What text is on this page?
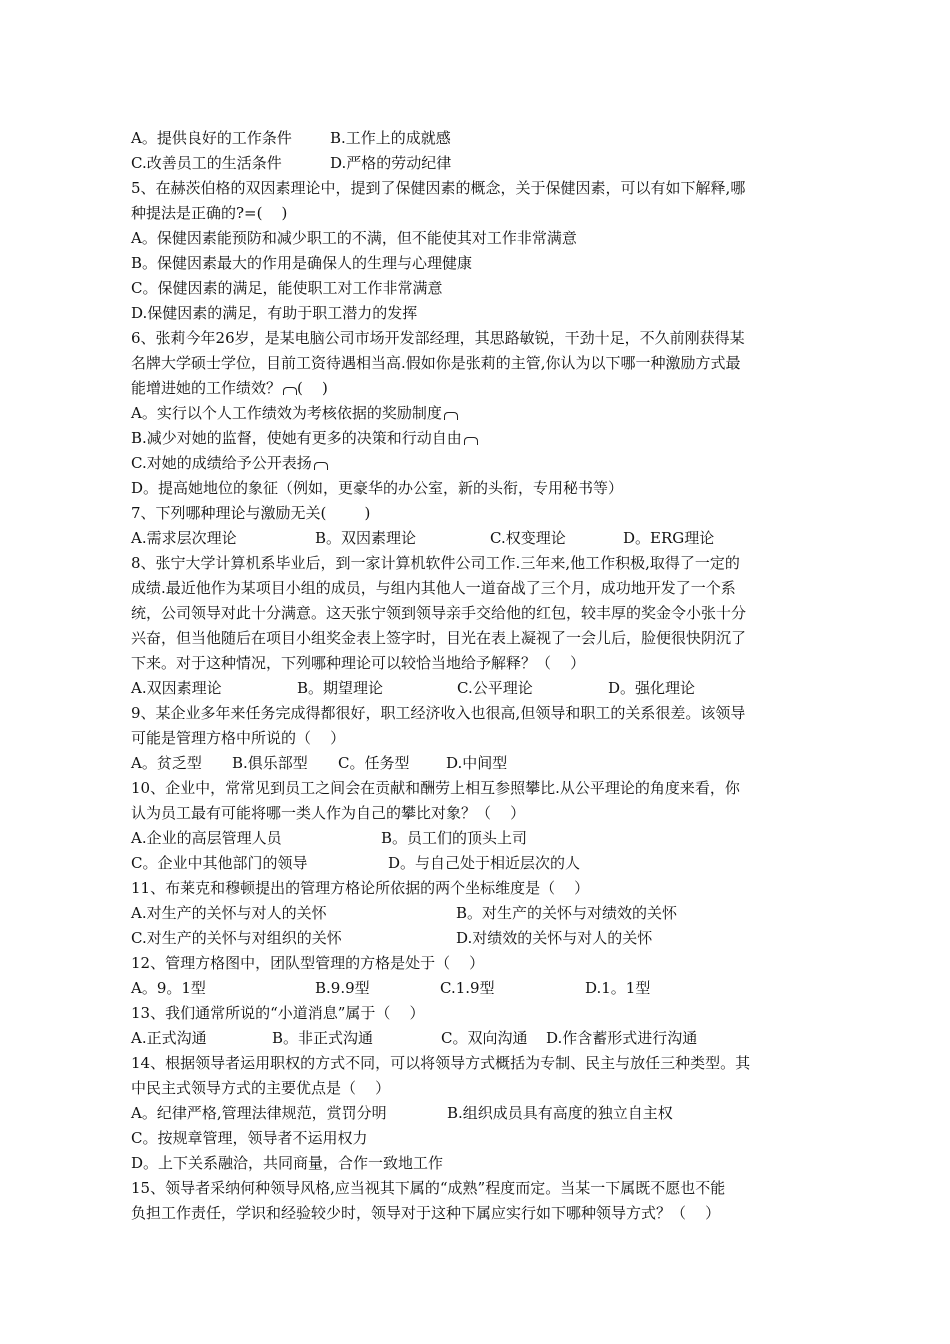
A。提供良好的工作条件	B.工作上的成就感
C.改善员工的生活条件	D.严格的劳动纪律
5、在赫茨伯格的双因素理论中，提到了保健因素的概念，关于保健因素，可以有如下解释,哪
种提法是正确的?=(    )
A。保健因素能预防和减少职工的不满，但不能使其对工作非常满意
B。保健因素最大的作用是确保人的生理与心理健康
C。保健因素的满足，能使职工对工作非常满意
D.保健因素的满足，有助于职工潜力的发挥
6、张莉今年26岁，是某电脑公司市场开发部经理，其思路敏锐，干劲十足，不久前刚获得某
名牌大学硕士学位，目前工资待遇相当高.假如你是张莉的主管,你认为以下哪一种激励方式最
能增进她的工作绩效？ (    )
A。实行以个人工作绩效为考核依据的奖励制度
B.减少对她的监督，使她有更多的决策和行动自由
C.对她的成绩给予公开表扬
D。提高她地位的象征（例如，更豪华的办公室，新的头衔，专用秘书等）
7、下列哪种理论与激励无关(        )
A.需求层次理论	B。双因素理论	C.权变理论	D。ERG理论
8、张宁大学计算机系毕业后，到一家计算机软件公司工作.三年来,他工作积极,取得了一定的
成绩.最近他作为某项目小组的成员，与组内其他人一道奋战了三个月，成功地开发了一个系
统，公司领导对此十分满意。这天张宁领到领导亲手交给他的红包，较丰厚的奖金令小张十分
兴奋，但当他随后在项目小组奖金表上签字时，目光在表上凝视了一会儿后，脸便很快阴沉了
下来。对于这种情况，下列哪种理论可以较恰当地给予解释？（    ）
A.双因素理论	B。期望理论	C.公平理论	D。强化理论
9、某企业多年来任务完成得都很好，职工经济收入也很高,但领导和职工的关系很差。该领导
可能是管理方格中所说的（    ）
A。贫乏型 B.俱乐部型 C。任务型 D.中间型
10、企业中，常常见到员工之间会在贡献和酬劳上相互参照攀比.从公平理论的角度来看，你
认为员工最有可能将哪一类人作为自己的攀比对象？（    ）
A.企业的高层管理人员	B。员工们的顶头上司
C。企业中其他部门的领导	D。与自己处于相近层次的人
11、布莱克和穆顿提出的管理方格论所依据的两个坐标维度是（    ）
A.对生产的关怀与对人的关怀	B。对生产的关怀与对绩效的关怀
C.对生产的关怀与对组织的关怀	D.对绩效的关怀与对人的关怀
12、管理方格图中，团队型管理的方格是处于（    ）
A。9。1型	B.9.9型	C.1.9型	D.1。1型
13、我们通常所说的“小道消息”属于（    ）
A.正式沟通	B。非正式沟通	C。双向沟通 D.作含蓄形式进行沟通
14、根据领导者运用职权的方式不同，可以将领导方式概括为专制、民主与放任三种类型。其
中民主式领导方式的主要优点是（    ）
A。纪律严格,管理法律规范，赏罚分明	B.组织成员具有高度的独立自主权
C。按规章管理，领导者不运用权力
D。上下关系融洽，共同商量，合作一致地工作
15、领导者采纳何种领导风格,应当视其下属的“成熟”程度而定。当某一下属既不愿也不能
负担工作责任，学识和经验较少时，领导对于这种下属应实行如下哪种领导方式？（    ）
